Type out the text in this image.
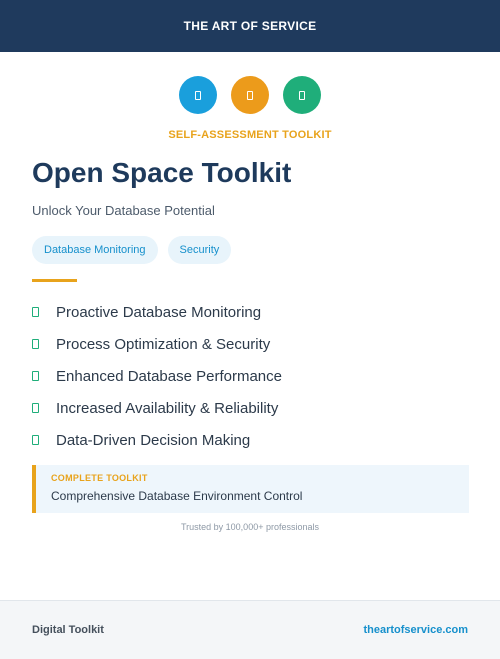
THE ART OF SERVICE
SELF-ASSESSMENT TOOLKIT
Open Space Toolkit
Unlock Your Database Potential
Database Monitoring	Security
Proactive Database Monitoring
Process Optimization & Security
Enhanced Database Performance
Increased Availability & Reliability
Data-Driven Decision Making
COMPLETE TOOLKIT
Comprehensive Database Environment Control
Trusted by 100,000+ professionals
Digital Toolkit	theartofservice.com
